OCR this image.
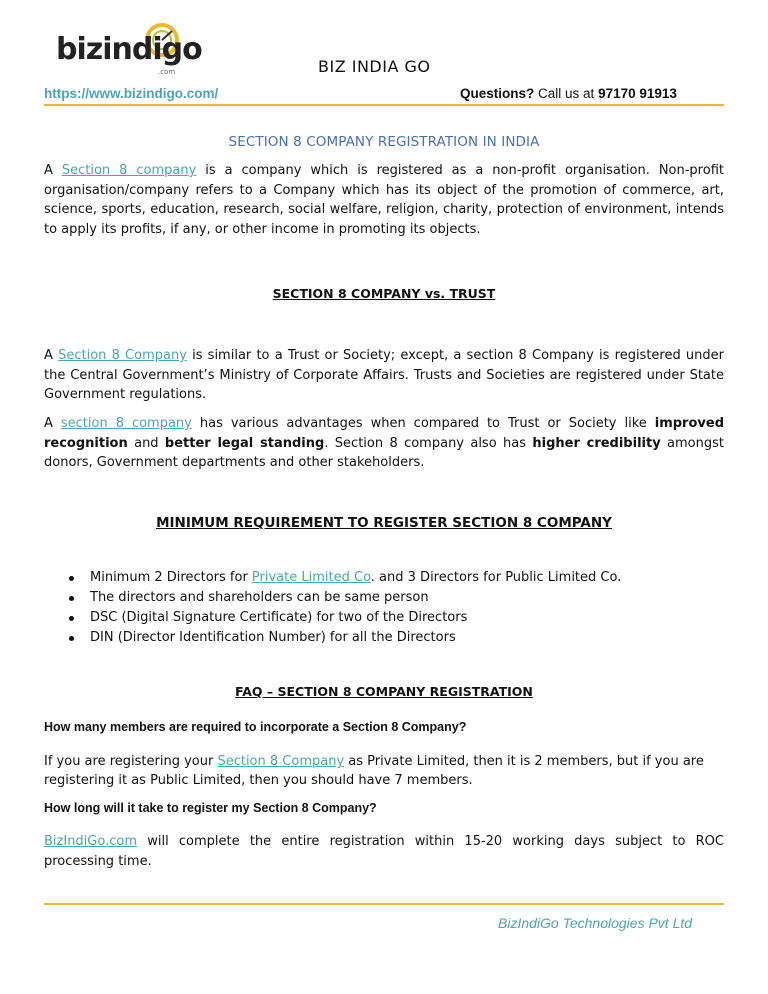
bizindigo
.com	BIZ INDIA GO
https://www.bizindigo.com/	Questions? Call us at 97170 91913
SECTION 8 COMPANY REGISTRATION IN INDIA
A Section 8 company is a company which is registered as a non-profit organisation. Non-profit organisation/company refers to a Company which has its object of the promotion of commerce, art, science, sports, education, research, social welfare, religion, charity, protection of environment, intends to apply its profits, if any, or other income in promoting its objects.
SECTION 8 COMPANY vs. TRUST
A Section 8 Company is similar to a Trust or Society; except, a section 8 Company is registered under the Central Government’s Ministry of Corporate Affairs. Trusts and Societies are registered under State Government regulations.
A section 8 company has various advantages when compared to Trust or Society like improved recognition and better legal standing. Section 8 company also has higher credibility amongst donors, Government departments and other stakeholders.
MINIMUM REQUIREMENT TO REGISTER SECTION 8 COMPANY
Minimum 2 Directors for Private Limited Co. and 3 Directors for Public Limited Co.
The directors and shareholders can be same person
DSC (Digital Signature Certificate) for two of the Directors
DIN (Director Identification Number) for all the Directors
FAQ – SECTION 8 COMPANY REGISTRATION
How many members are required to incorporate a Section 8 Company?
If you are registering your Section 8 Company as Private Limited, then it is 2 members, but if you are registering it as Public Limited, then you should have 7 members.
How long will it take to register my Section 8 Company?
BizIndiGo.com will complete the entire registration within 15-20 working days subject to ROC processing time.
BizIndiGo Technologies Pvt Ltd
